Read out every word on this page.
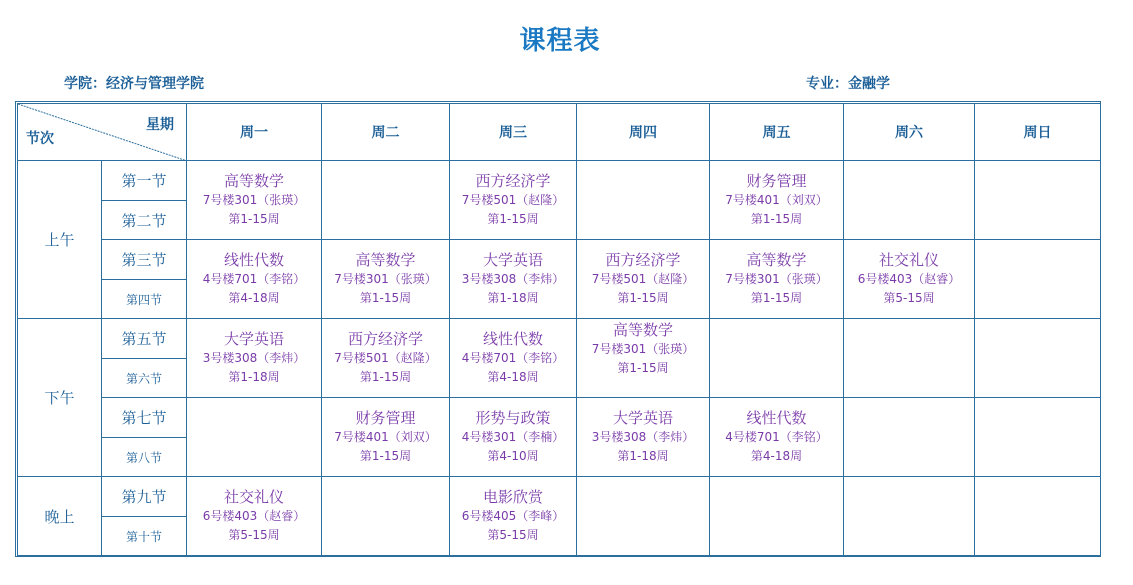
课程表
学院：经济与管理学院	专业：金融学
星期
节次		周一	周二	周三	周四	周五	周六	周日
上午	第一节	高等数学
7号楼301（张瑛）
第1-15周		西方经济学
7号楼501（赵隆）
第1-15周		财务管理
7号楼401（刘双）
第1-15周		

	第二节							
	第三节	线性代数
4号楼701（李铭）
第4-18周	高等数学
7号楼301（张瑛）
第1-15周	大学英语
3号楼308（李炜）
第1-18周	西方经济学
7号楼501（赵隆）
第1-15周	高等数学
7号楼301（张瑛）
第1-15周	社交礼仪
6号楼403（赵睿）
第5-15周	

	第四节							
下午	第五节	大学英语
3号楼308（李炜）
第1-18周	西方经济学
7号楼501（赵隆）
第1-15周	线性代数
4号楼701（李铭）
第4-18周	高等数学
7号楼301（张瑛）
第1-15周			

	第六节							
	第七节		财务管理
7号楼401（刘双）
第1-15周	形势与政策
4号楼301（李楠）
第4-10周	大学英语
3号楼308（李炜）
第1-18周	线性代数
4号楼701（李铭）
第4-18周		

	第八节							
晚上	第九节	社交礼仪
6号楼403（赵睿）
第5-15周		电影欣赏
6号楼405（李峰）
第5-15周				

	第十节							
